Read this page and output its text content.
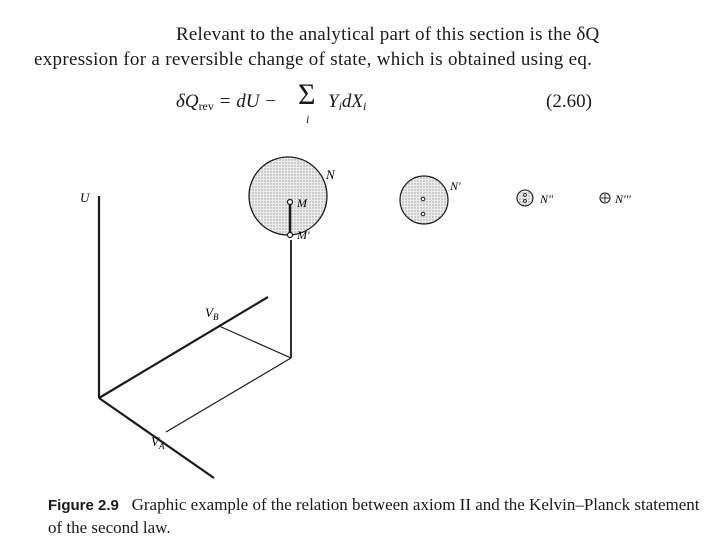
Relevant to the analytical part of this section is the δQ
expression for a reversible change of state, which is obtained using eq.
$\delta Q_{rev}$ = dU − Σ
i
$Y_idX_i$	(2.60)
U
$V_B$
$V_A$
N
N'
N"	N'''
M
M'
Figure 2.9 Graphic example of the relation between axiom II and the Kelvin–Planck statement of the second law.
